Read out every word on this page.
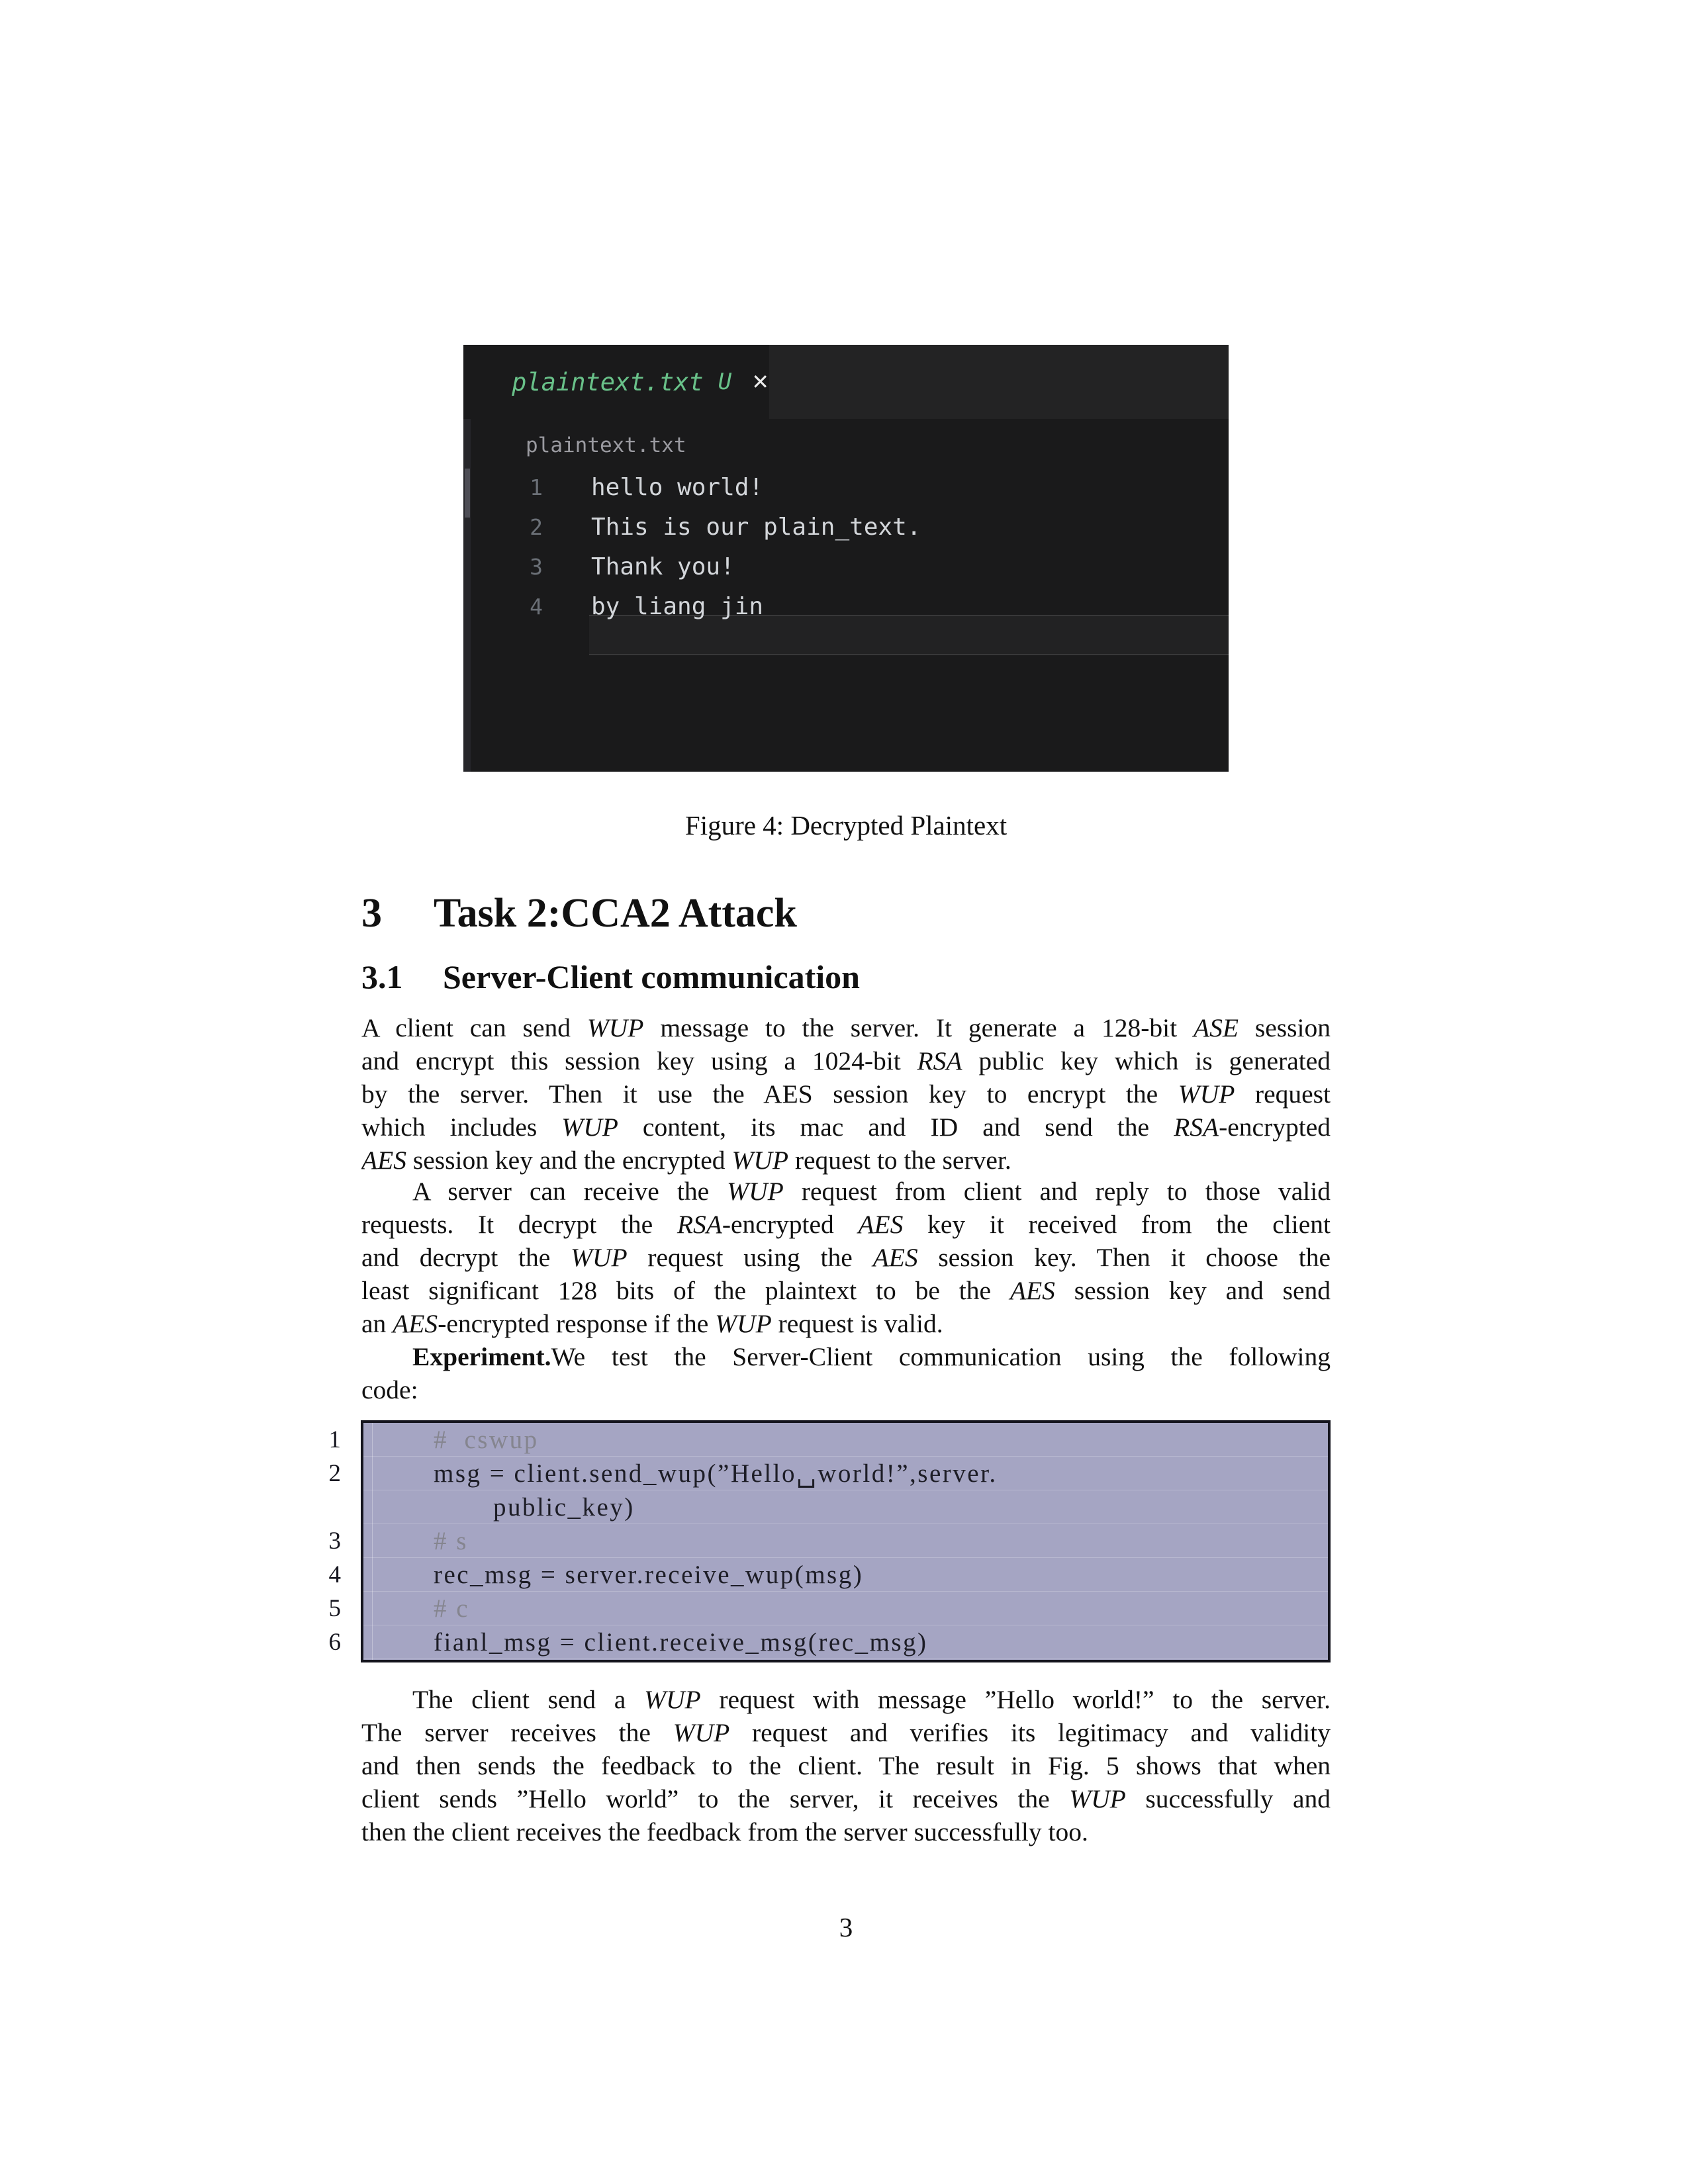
plaintext.txt U ✕
plaintext.txt
1 hello world!
2 This is our plain_text.
3 Thank you!
4 by liang jin
Figure 4: Decrypted Plaintext
3 Task 2:CCA2 Attack
3.1 Server-Client communication
A client can send WUP message to the server. It generate a 128-bit ASE session
and encrypt this session key using a 1024-bit RSA public key which is generated
by the server. Then it use the AES session key to encrypt the WUP request
which includes WUP content, its mac and ID and send the RSA-encrypted
AES session key and the encrypted WUP request to the server.
A server can receive the WUP request from client and reply to those valid
requests. It decrypt the RSA-encrypted AES key it received from the client
and decrypt the WUP request using the AES session key. Then it choose the
least significant 128 bits of the plaintext to be the AES session key and send
an AES-encrypted response if the WUP request is valid.
Experiment.We test the Server-Client communication using the following
code:
1
2
3
4
5
6
#  cswup
msg = client.send_wup(”Hello␣world!”,server.
public_key)
# s
rec_msg = server.receive_wup(msg)
# c
fianl_msg = client.receive_msg(rec_msg)
The client send a WUP request with message ”Hello world!” to the server.
The server receives the WUP request and verifies its legitimacy and validity
and then sends the feedback to the client. The result in Fig. 5 shows that when
client sends ”Hello world” to the server, it receives the WUP successfully and
then the client receives the feedback from the server successfully too.
3
